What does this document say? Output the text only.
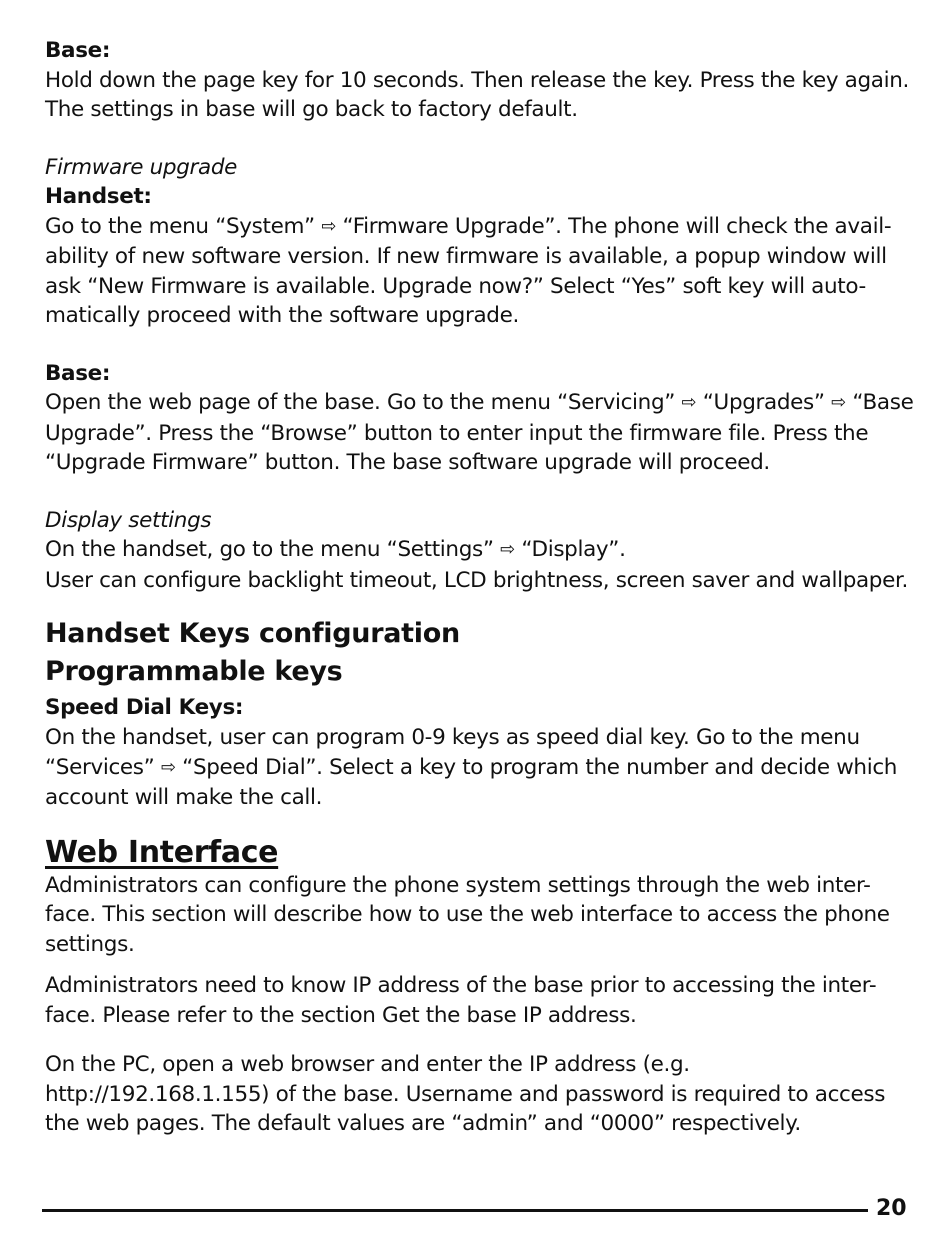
Base:

Hold down the page key for 10 seconds. Then release the key. Press the key again. The settings in base will go back to factory default.

Firmware upgrade

Handset:

Go to the menu “System” ⇨ “Firmware Upgrade”. The phone will check the avail-ability of new software version. If new firmware is available, a popup window will ask “New Firmware is available. Upgrade now?” Select “Yes” soft key will auto-matically proceed with the software upgrade.

Base:

Open the web page of the base. Go to the menu “Servicing” ⇨ “Upgrades” ⇨ “Base Upgrade”. Press the “Browse” button to enter input the firmware file. Press the “Upgrade Firmware” button. The base software upgrade will proceed.

Display settings

On the handset, go to the menu “Settings” ⇨ “Display”.

User can configure backlight timeout, LCD brightness, screen saver and wallpaper.

Handset Keys configuration

Programmable keys

Speed Dial Keys:

On the handset, user can program 0-9 keys as speed dial key. Go to the menu “Services” ⇨ “Speed Dial”. Select a key to program the number and decide which account will make the call.

Web Interface

Administrators can configure the phone system settings through the web inter-face. This section will describe how to use the web interface to access the phone settings.

Administrators need to know IP address of the base prior to accessing the inter-face. Please refer to the section Get the base IP address.

On the PC, open a web browser and enter the IP address (e.g. http://192.168.1.155) of the base. Username and password is required to access the web pages. The default values are “admin” and “0000” respectively.

20
